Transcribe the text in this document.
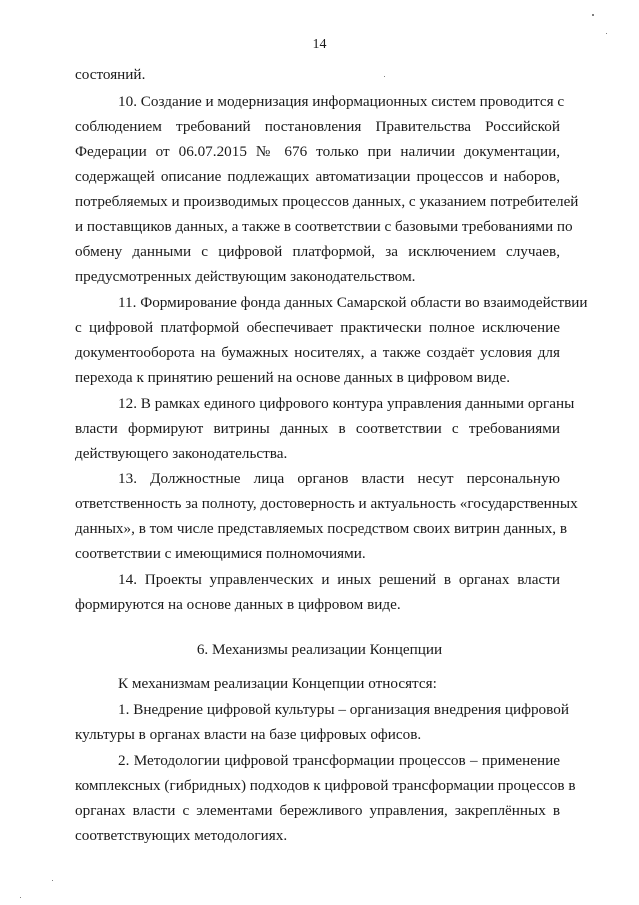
14
состояний.
10. Создание и модернизация информационных систем проводится с
соблюдением требований постановления Правительства Российской
Федерации от 06.07.2015 № 676 только при наличии документации,
содержащей описание подлежащих автоматизации процессов и наборов,
потребляемых и производимых процессов данных, с указанием потребителей
и поставщиков данных, а также в соответствии с базовыми требованиями по
обмену данными с цифровой платформой, за исключением случаев,
предусмотренных действующим законодательством.
11. Формирование фонда данных Самарской области во взаимодействии
с цифровой платформой обеспечивает практически полное исключение
документооборота на бумажных носителях, а также создаёт условия для
перехода к принятию решений на основе данных в цифровом виде.
12. В рамках единого цифрового контура управления данными органы
власти формируют витрины данных в соответствии с требованиями
действующего законодательства.
13. Должностные лица органов власти несут персональную
ответственность за полноту, достоверность и актуальность «государственных
данных», в том числе представляемых посредством своих витрин данных, в
соответствии с имеющимися полномочиями.
14. Проекты управленческих и иных решений в органах власти
формируются на основе данных в цифровом виде.
6. Механизмы реализации Концепции
К механизмам реализации Концепции относятся:
1. Внедрение цифровой культуры – организация внедрения цифровой
культуры в органах власти на базе цифровых офисов.
2. Методологии цифровой трансформации процессов – применение
комплексных (гибридных) подходов к цифровой трансформации процессов в
органах власти с элементами бережливого управления, закреплённых в
соответствующих методологиях.
